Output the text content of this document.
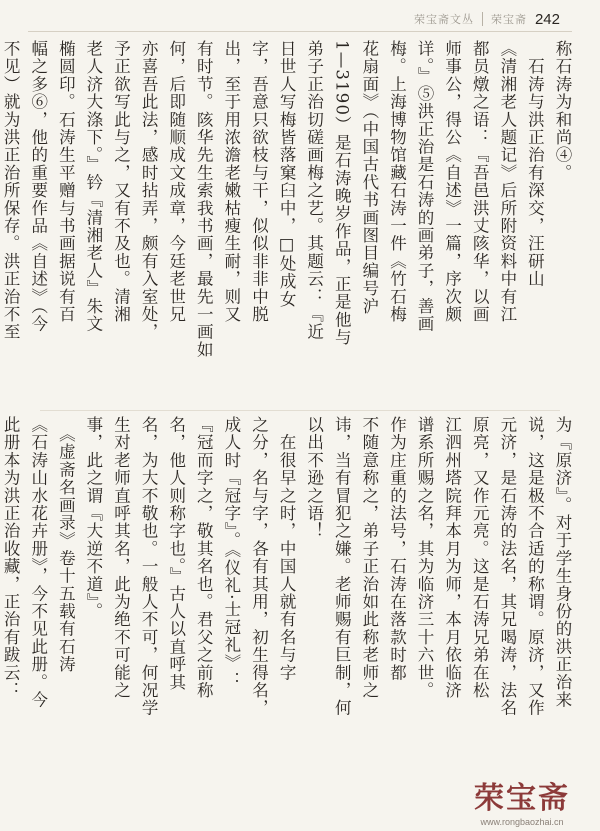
荣宝斋文丛 荣宝斋 242
称石涛为和尚④。
　石涛与洪正治有深交，汪研山
《清湘老人题记》后所附资料中有江
都员燉之语：『吾邑洪丈陔华，以画
师事公，得公《自述》一篇，序次颇
详。』⑤洪正治是石涛的画弟子，善画
梅。上海博物馆藏石涛一件《竹石梅
花扇面》（中国古代书画图目编号沪
1—3190）是石涛晚岁作品，正是他与
弟子正治切磋画梅之艺。其题云：『近
日世人写梅皆落窠臼中，□处成女
字，吾意只欲枝与干，似似非非中脱
出，至于用浓澹老嫩枯瘦生耐，则又
有时节。陔华先生索我书画，最先一画如
何，后即随顺成文成章，今廷老世兄
亦喜吾此法，感时拈弄，颇有入室处，
予正欲写此与之，又有不及也。清湘
老人济大涤下。』钤『清湘老人』朱文
椭圆印。石涛生平赠与书画据说有百
幅之多⑥，他的重要作品《自述》（今
不见）就为洪正治所保存。洪正治不至
为『原济』。对于学生身份的洪正治来
说，这是极不合适的称谓。原济，又作
元济，是石涛的法名，其兄喝涛，法名
原亮，又作元亮。这是石涛兄弟在松
江泗州塔院拜本月为师，本月依临济
谱系所赐之名，其为临济三十六世。
作为庄重的法号，石涛在落款时都
不随意称之，弟子正治如此称老师之
讳，当有冒犯之嫌。老师赐有巨制，何
以出不逊之语！
　在很早之时，中国人就有名与字
之分，名与字，各有其用，初生得名，
成人时『冠字』。《仪礼·士冠礼》：
『冠而字之，敬其名也。君父之前称
名，他人则称字也。』古人以直呼其
名，为大不敬也。一般人不可，何况学
生对老师直呼其名，此为绝不可能之
事，此之谓『大逆不道』。
　《虚斋名画录》卷十五载有石涛
《石涛山水花卉册》，今不见此册。今
此册本为洪正治收藏，正治有跋云：
荣宝斋
www.rongbaozhai.cn
